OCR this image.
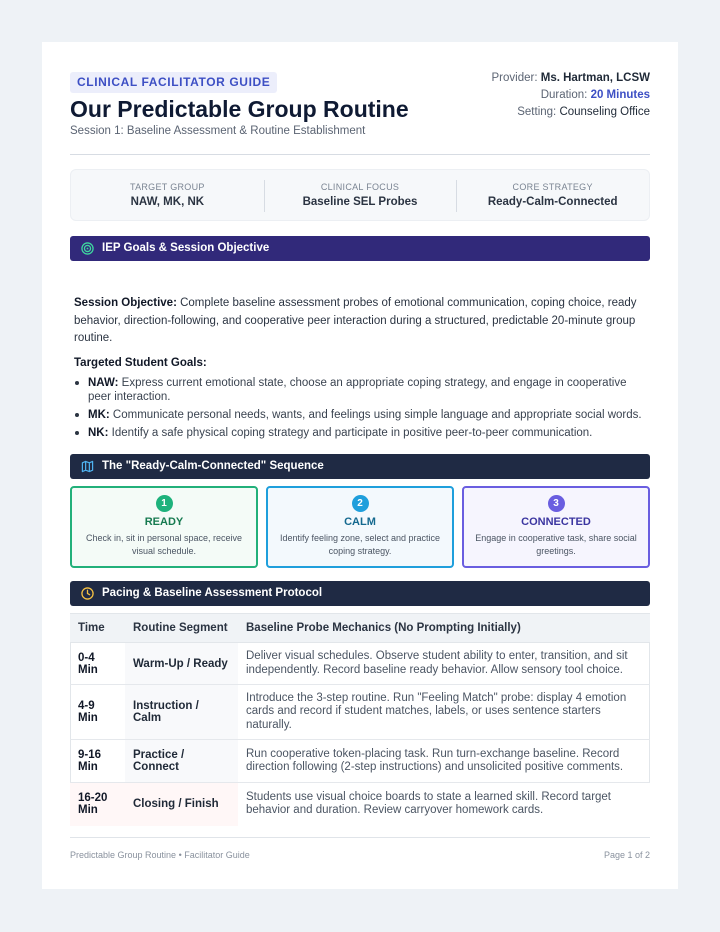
CLINICAL FACILITATOR GUIDE
Our Predictable Group Routine
Session 1: Baseline Assessment & Routine Establishment
Provider: Ms. Hartman, LCSW
Duration: 20 Minutes
Setting: Counseling Office
TARGET GROUP
NAW, MK, NK
CLINICAL FOCUS
Baseline SEL Probes
CORE STRATEGY
Ready-Calm-Connected
IEP Goals & Session Objective

Session Objective: Complete baseline assessment probes of emotional communication, coping choice, ready behavior, direction-following, and cooperative peer interaction during a structured, predictable 20-minute group routine.

Targeted Student Goals:
NAW: Express current emotional state, choose an appropriate coping strategy, and engage in cooperative peer interaction.
MK: Communicate personal needs, wants, and feelings using simple language and appropriate social words.
NK: Identify a safe physical coping strategy and participate in positive peer-to-peer communication.
The "Ready-Calm-Connected" Sequence
1
READY
Check in, sit in personal space, receive visual schedule.
2
CALM
Identify feeling zone, select and practice coping strategy.
3
CONNECTED
Engage in cooperative task, share social greetings.
Pacing & Baseline Assessment Protocol
Time	Routine Segment	Baseline Probe Mechanics (No Prompting Initially)
0-4 Min	Warm-Up / Ready	Deliver visual schedules. Observe student ability to enter, transition, and sit independently. Record baseline ready behavior. Allow sensory tool choice.
4-9 Min	Instruction / Calm	Introduce the 3-step routine. Run "Feeling Match" probe: display 4 emotion cards and record if student matches, labels, or uses sentence starters naturally.
9-16 Min	Practice / Connect	Run cooperative token-placing task. Run turn-exchange baseline. Record direction following (2-step instructions) and unsolicited positive comments.
16-20 Min	Closing / Finish	Students use visual choice boards to state a learned skill. Record target behavior and duration. Review carryover homework cards.
Predictable Group Routine • Facilitator Guide	Page 1 of 2
